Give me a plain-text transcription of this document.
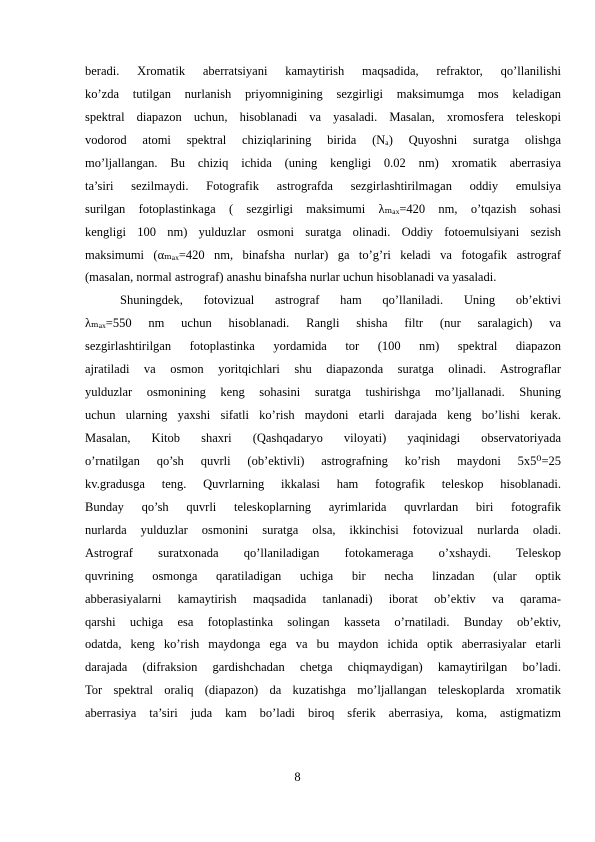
beradi. Xromatik aberratsiyani kamaytirish maqsadida, refraktor, qo’llanilishi
ko’zda tutilgan nurlanish priyomnigining sezgirligi maksimumga mos keladigan
spektral diapazon uchun, hisoblanadi va yasaladi. Masalan, xromosfera teleskopi
vodorod atomi spektral chiziqlarining birida (Nₐ) Quyoshni suratga olishga
mo’ljallangan. Bu chiziq ichida (uning kengligi 0.02 nm) xromatik aberrasiya
ta’siri sezilmaydi. Fotografik astrografda sezgirlashtirilmagan oddiy emulsiya
surilgan fotoplastinkaga ( sezgirligi maksimumi λₘₐₓ=420 nm, o’tqazish sohasi
kengligi 100 nm) yulduzlar osmoni suratga olinadi. Oddiy fotoemulsiyani sezish
maksimumi (αₘₐₓ=420 nm, binafsha nurlar) ga to’g’ri keladi va fotogafik astrograf
(masalan, normal astrograf) anashu binafsha nurlar uchun hisoblanadi va yasaladi.
Shuningdek, fotovizual astrograf ham qo’llaniladi. Uning ob’ektivi
λₘₐₓ=550 nm uchun hisoblanadi. Rangli shisha filtr (nur saralagich) va
sezgirlashtirilgan fotoplastinka yordamida tor (100 nm) spektral diapazon
ajratiladi va osmon yoritqichlari shu diapazonda suratga olinadi. Astrograflar
yulduzlar osmonining keng sohasini suratga tushirishga mo’ljallanadi. Shuning
uchun ularning yaxshi sifatli ko’rish maydoni etarli darajada keng bo’lishi kerak.
Masalan, Kitob shaxri (Qashqadaryo viloyati) yaqinidagi observatoriyada
o’rnatilgan qo’sh quvrli (ob’ektivli) astrografning ko’rish maydoni 5x5⁰=25
kv.gradusga teng. Quvrlarning ikkalasi ham fotografik teleskop hisoblanadi.
Bunday qo’sh quvrli teleskoplarning ayrimlarida quvrlardan biri fotografik
nurlarda yulduzlar osmonini suratga olsa, ikkinchisi fotovizual nurlarda oladi.
Astrograf suratxonada qo’llaniladigan fotokameraga o’xshaydi. Teleskop
quvrining osmonga qaratiladigan uchiga bir necha linzadan (ular optik
abberasiyalarni kamaytirish maqsadida tanlanadi) iborat ob’ektiv va qarama-
qarshi uchiga esa fotoplastinka solingan kasseta o’rnatiladi. Bunday ob’ektiv,
odatda, keng ko’rish maydonga ega va bu maydon ichida optik aberrasiyalar etarli
darajada (difraksion gardishchadan chetga chiqmaydigan) kamaytirilgan bo’ladi.
Tor spektral oraliq (diapazon) da kuzatishga mo’ljallangan teleskoplarda xromatik
aberrasiya ta’siri juda kam bo’ladi biroq sferik aberrasiya, koma, astigmatizm
8
